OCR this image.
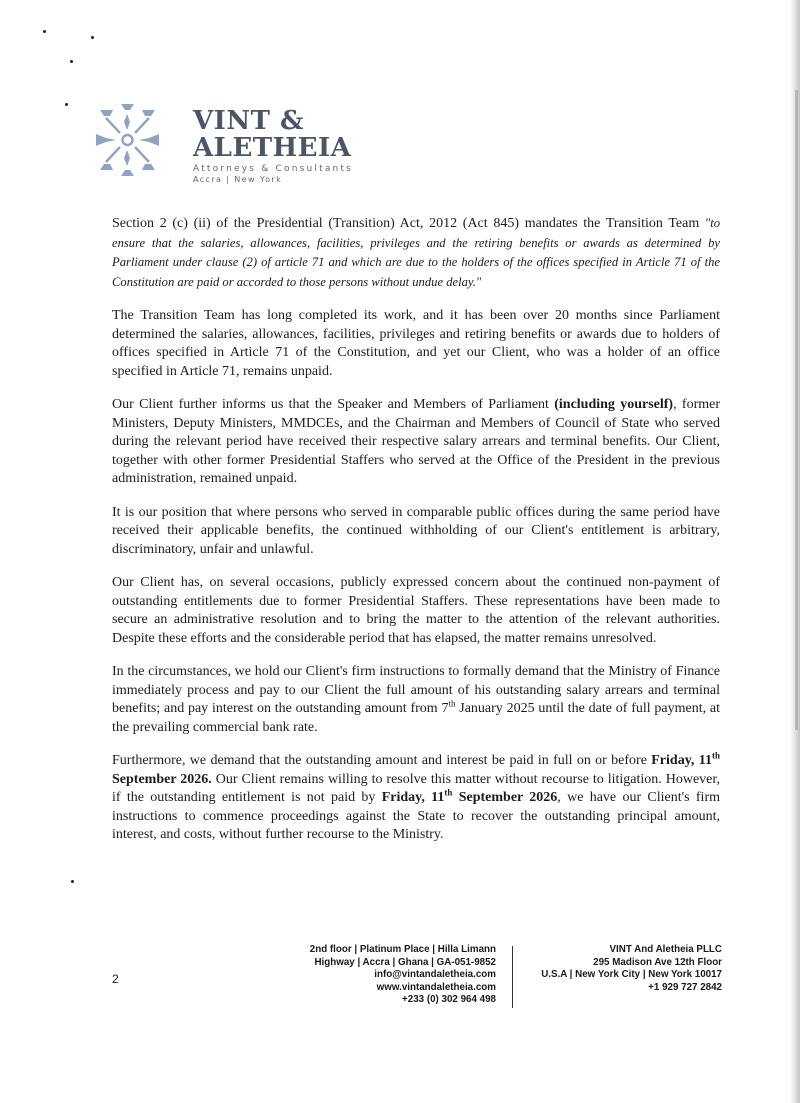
VINT &
ALETHEIA
Attorneys & Consultants
Accra | New York

Section 2 (c) (ii) of the Presidential (Transition) Act, 2012 (Act 845) mandates the Transition Team "to ensure that the salaries, allowances, facilities, privileges and the retiring benefits or awards as determined by Parliament under clause (2) of article 71 and which are due to the holders of the offices specified in Article 71 of the Constitution are paid or accorded to those persons without undue delay."

The Transition Team has long completed its work, and it has been over 20 months since Parliament determined the salaries, allowances, facilities, privileges and retiring benefits or awards due to holders of offices specified in Article 71 of the Constitution, and yet our Client, who was a holder of an office specified in Article 71, remains unpaid.

Our Client further informs us that the Speaker and Members of Parliament (including yourself), former Ministers, Deputy Ministers, MMDCEs, and the Chairman and Members of Council of State who served during the relevant period have received their respective salary arrears and terminal benefits. Our Client, together with other former Presidential Staffers who served at the Office of the President in the previous administration, remained unpaid.

It is our position that where persons who served in comparable public offices during the same period have received their applicable benefits, the continued withholding of our Client's entitlement is arbitrary, discriminatory, unfair and unlawful.

Our Client has, on several occasions, publicly expressed concern about the continued non-payment of outstanding entitlements due to former Presidential Staffers. These representations have been made to secure an administrative resolution and to bring the matter to the attention of the relevant authorities. Despite these efforts and the considerable period that has elapsed, the matter remains unresolved.

In the circumstances, we hold our Client's firm instructions to formally demand that the Ministry of Finance immediately process and pay to our Client the full amount of his outstanding salary arrears and terminal benefits; and pay interest on the outstanding amount from 7th January 2025 until the date of full payment, at the prevailing commercial bank rate.

Furthermore, we demand that the outstanding amount and interest be paid in full on or before Friday, 11th September 2026. Our Client remains willing to resolve this matter without recourse to litigation. However, if the outstanding entitlement is not paid by Friday, 11th September 2026, we have our Client's firm instructions to commence proceedings against the State to recover the outstanding principal amount, interest, and costs, without further recourse to the Ministry.

2
2nd floor | Platinum Place | Hilla Limann
Highway | Accra | Ghana | GA-051-9852
info@vintandaletheia.com
www.vintandaletheia.com
+233 (0) 302 964 498
VINT And Aletheia PLLC
295 Madison Ave 12th Floor
U.S.A | New York City | New York 10017
+1 929 727 2842
